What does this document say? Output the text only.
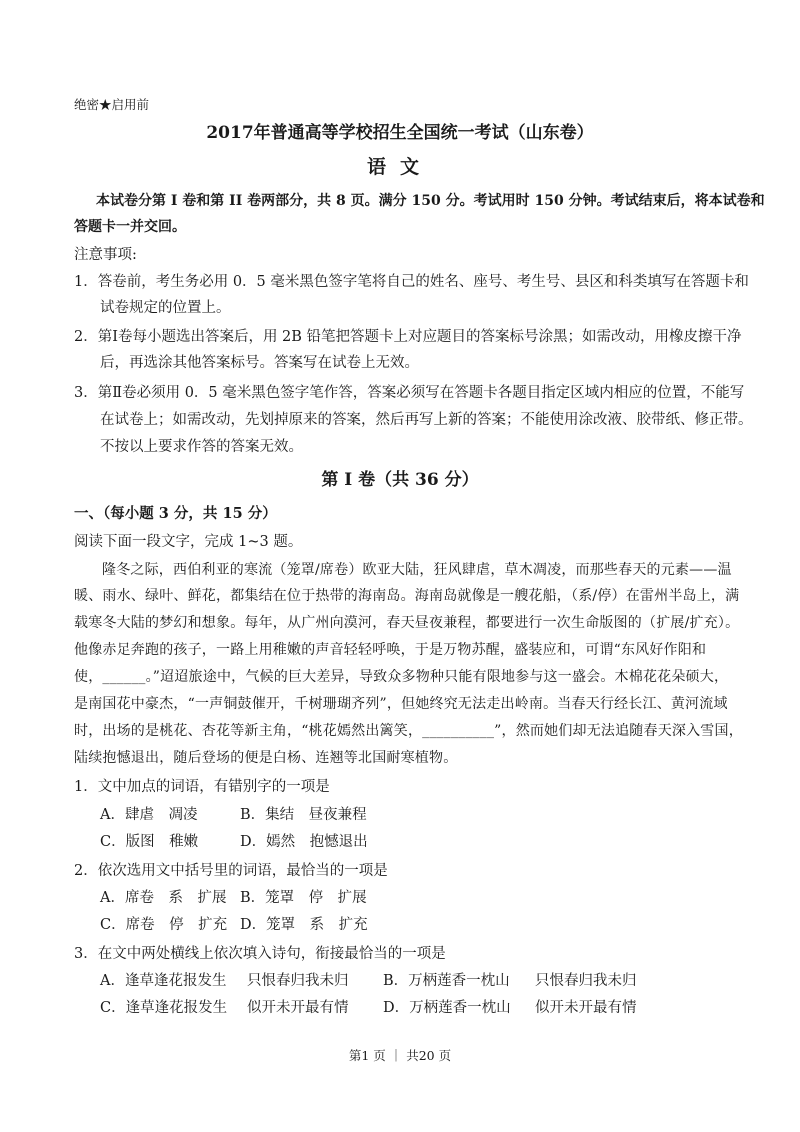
绝密★启用前
2017年普通高等学校招生全国统一考试（山东卷）
语文
本试卷分第 I 卷和第 II 卷两部分，共 8 页。满分 150 分。考试用时 150 分钟。考试结束后，将本试卷和
答题卡一并交回。
注意事项:
1．答卷前，考生务必用 0．5 毫米黑色签字笔将自己的姓名、座号、考生号、县区和科类填写在答题卡和
试卷规定的位置上。
2．第Ⅰ卷每小题选出答案后，用 2B 铅笔把答题卡上对应题目的答案标号涂黑；如需改动，用橡皮擦干净
后，再选涂其他答案标号。答案写在试卷上无效。
3．第Ⅱ卷必须用 0．5 毫米黑色签字笔作答，答案必须写在答题卡各题目指定区域内相应的位置，不能写
在试卷上；如需改动，先划掉原来的答案，然后再写上新的答案；不能使用涂改液、胶带纸、修正带。
不按以上要求作答的答案无效。
第 I 卷（共 36 分）
一、（每小题 3 分，共 15 分）
阅读下面一段文字，完成 1~3 题。
隆冬之际，西伯利亚的寒流（笼罩/席卷）欧亚大陆，狂风肆虐，草木凋凌，而那些春天的元素——温
暖、雨水、绿叶、鲜花，都集结在位于热带的海南岛。海南岛就像是一艘花船，（系/停）在雷州半岛上，满
载寒冬大陆的梦幻和想象。每年，从广州向漠河，春天昼夜兼程，都要进行一次生命版图的（扩展/扩充）。
他像赤足奔跑的孩子，一路上用稚嫩的声音轻轻呼唤，于是万物苏醒，盛装应和，可谓“东风好作阳和
使，______。”迢迢旅途中，气候的巨大差异，导致众多物种只能有限地参与这一盛会。木棉花花朵硕大，
是南国花中豪杰，“一声铜鼓催开，千树珊瑚齐列”，但她终究无法走出岭南。当春天行经长江、黄河流域
时，出场的是桃花、杏花等新主角，“桃花嫣然出篱笑，__________”，然而她们却无法追随春天深入雪国，
陆续抱憾退出，随后登场的便是白杨、连翘等北国耐寒植物。
1．文中加点的词语，有错别字的一项是
A．肆虐　凋凌	B．集结　昼夜兼程
C．版图　稚嫩	D．嫣然　抱憾退出
2．依次选用文中括号里的词语，最恰当的一项是
A．席卷　系　扩展 B．笼罩　停　扩展
C．席卷　停　扩充 D．笼罩　系　扩充
3．在文中两处横线上依次填入诗句，衔接最恰当的一项是
A．逢草逢花报发生 只恨春归我未归 B．万柄莲香一枕山 只恨春归我未归
C．逢草逢花报发生 似开未开最有情 D．万柄莲香一枕山 似开未开最有情
第1 页 ｜ 共20 页
